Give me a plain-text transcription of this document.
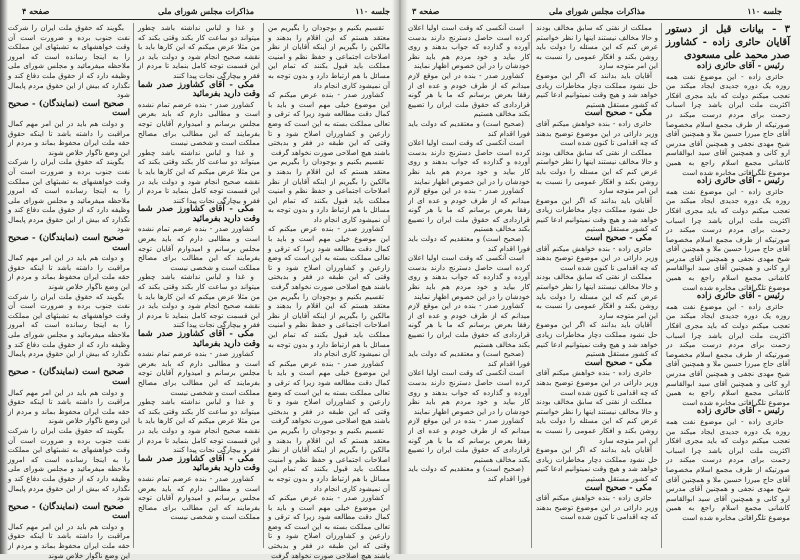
صفحه ۴	مذاکرات مجلس شورای ملی	جلسه ۱۱۰

تقسیم بکنیم و بوجودان را بگیریم من معتقد هستم که این اقلام را بدهند و مالکین را بگیریم از اینکه آقایان از نظر اصلاحات اجتماعی و حفظ نظم و امنیت مملکت باید قبول بکنند که تمام این مسائل با هم ارتباط دارد و بدون توجه به آن نمیشود کاری انجام داد

کشاورز صدر - بنده عرض میکنم که این موضوع خیلی مهم است و باید با کمال دقت مطالعه شود زیرا که ترقی و تعالی مملکت بسته به این است که وضع زارعین و کشاورزان اصلاح شود و تا وقتی که این طبقه در فقر و بدبختی باشند هیچ اصلاحی صورت نخواهد گرفت

تقسیم بکنیم و بوجودان را بگیریم من معتقد هستم که این اقلام را بدهند و مالکین را بگیریم از اینکه آقایان از نظر اصلاحات اجتماعی و حفظ نظم و امنیت مملکت باید قبول بکنند که تمام این مسائل با هم ارتباط دارد و بدون توجه به آن نمیشود کاری انجام داد

کشاورز صدر - بنده عرض میکنم که این موضوع خیلی مهم است و باید با کمال دقت مطالعه شود زیرا که ترقی و تعالی مملکت بسته به این است که وضع زارعین و کشاورزان اصلاح شود و تا وقتی که این طبقه در فقر و بدبختی باشند هیچ اصلاحی صورت نخواهد گرفت

تقسیم بکنیم و بوجودان را بگیریم من معتقد هستم که این اقلام را بدهند و مالکین را بگیریم از اینکه آقایان از نظر اصلاحات اجتماعی و حفظ نظم و امنیت مملکت باید قبول بکنند که تمام این مسائل با هم ارتباط دارد و بدون توجه به آن نمیشود کاری انجام داد

کشاورز صدر - بنده عرض میکنم که این موضوع خیلی مهم است و باید با کمال دقت مطالعه شود زیرا که ترقی و تعالی مملکت بسته به این است که وضع زارعین و کشاورزان اصلاح شود و تا وقتی که این طبقه در فقر و بدبختی باشند هیچ اصلاحی صورت نخواهد گرفت

تقسیم بکنیم و بوجودان را بگیریم من معتقد هستم که این اقلام را بدهند و مالکین را بگیریم از اینکه آقایان از نظر اصلاحات اجتماعی و حفظ نظم و امنیت مملکت باید قبول بکنند که تمام این مسائل با هم ارتباط دارد و بدون توجه به آن نمیشود کاری انجام داد

کشاورز صدر - بنده عرض میکنم که این موضوع خیلی مهم است و باید با کمال دقت مطالعه شود زیرا که ترقی و تعالی مملکت بسته به این است که وضع زارعین و کشاورزان اصلاح شود و تا وقتی که این طبقه در فقر و بدبختی باشند هیچ اصلاحی صورت نخواهد گرفت

و غذا و لباس نداشته باشد چطور میتواند دو ساعت کار بکند وقتی بکند که من مثلا عرض میکنم که این کارها باید با نقشه صحیح انجام شود و دولت باید در این قسمت توجه کامل بنماید تا مردم از فقر و بیچارگی نجات پیدا کنند

مکی - آقای کشاورز صدر شما وقت دارید بفرمائید

کشاورز صدر - بنده عرضم تمام نشده است و مطالبی دارم که باید بعرض مجلس برسانم و امیدوارم آقایان توجه بفرمایند که این مطالب برای مصالح مملکت است و شخصی نیست

و غذا و لباس نداشته باشد چطور میتواند دو ساعت کار بکند وقتی بکند که من مثلا عرض میکنم که این کارها باید با نقشه صحیح انجام شود و دولت باید در این قسمت توجه کامل بنماید تا مردم از فقر و بیچارگی نجات پیدا کنند

مکی - آقای کشاورز صدر شما وقت دارید بفرمائید

کشاورز صدر - بنده عرضم تمام نشده است و مطالبی دارم که باید بعرض مجلس برسانم و امیدوارم آقایان توجه بفرمایند که این مطالب برای مصالح مملکت است و شخصی نیست

و غذا و لباس نداشته باشد چطور میتواند دو ساعت کار بکند وقتی بکند که من مثلا عرض میکنم که این کارها باید با نقشه صحیح انجام شود و دولت باید در این قسمت توجه کامل بنماید تا مردم از فقر و بیچارگی نجات پیدا کنند

مکی - آقای کشاورز صدر شما وقت دارید بفرمائید

کشاورز صدر - بنده عرضم تمام نشده است و مطالبی دارم که باید بعرض مجلس برسانم و امیدوارم آقایان توجه بفرمایند که این مطالب برای مصالح مملکت است و شخصی نیست

و غذا و لباس نداشته باشد چطور میتواند دو ساعت کار بکند وقتی بکند که من مثلا عرض میکنم که این کارها باید با نقشه صحیح انجام شود و دولت باید در این قسمت توجه کامل بنماید تا مردم از فقر و بیچارگی نجات پیدا کنند

مکی - آقای کشاورز صدر شما وقت دارید بفرمائید

کشاورز صدر - بنده عرضم تمام نشده است و مطالبی دارم که باید بعرض مجلس برسانم و امیدوارم آقایان توجه بفرمایند که این مطالب برای مصالح مملکت است و شخصی نیست

بگویند که حقوق ملت ایران را شرکت نفت جنوب برده و ضرورت است آن وقت خواهشهای به تشبثهای این مملکت را به اینجا رسانده است که امروز ملاحظه میفرمائید و مجلس شورای ملی وظیفه دارد که از حقوق ملت دفاع کند و نگذارد که بیش از این حقوق مردم پایمال شود

صحیح است (نمایندگان) - صحیح است

و دولت هم باید در این امر مهم کمال مراقبت را داشته باشد تا اینکه حقوق حقه ملت ایران محفوظ بماند و مردم از این وضع ناگوار خلاص شوند

بگویند که حقوق ملت ایران را شرکت نفت جنوب برده و ضرورت است آن وقت خواهشهای به تشبثهای این مملکت را به اینجا رسانده است که امروز ملاحظه میفرمائید و مجلس شورای ملی وظیفه دارد که از حقوق ملت دفاع کند و نگذارد که بیش از این حقوق مردم پایمال شود

صحیح است (نمایندگان) - صحیح است

و دولت هم باید در این امر مهم کمال مراقبت را داشته باشد تا اینکه حقوق حقه ملت ایران محفوظ بماند و مردم از این وضع ناگوار خلاص شوند

بگویند که حقوق ملت ایران را شرکت نفت جنوب برده و ضرورت است آن وقت خواهشهای به تشبثهای این مملکت را به اینجا رسانده است که امروز ملاحظه میفرمائید و مجلس شورای ملی وظیفه دارد که از حقوق ملت دفاع کند و نگذارد که بیش از این حقوق مردم پایمال شود

صحیح است (نمایندگان) - صحیح است

و دولت هم باید در این امر مهم کمال مراقبت را داشته باشد تا اینکه حقوق حقه ملت ایران محفوظ بماند و مردم از این وضع ناگوار خلاص شوند

بگویند که حقوق ملت ایران را شرکت نفت جنوب برده و ضرورت است آن وقت خواهشهای به تشبثهای این مملکت را به اینجا رسانده است که امروز ملاحظه میفرمائید و مجلس شورای ملی وظیفه دارد که از حقوق ملت دفاع کند و نگذارد که بیش از این حقوق مردم پایمال شود

صحیح است (نمایندگان) - صحیح است

و دولت هم باید در این امر مهم کمال مراقبت را داشته باشد تا اینکه حقوق حقه ملت ایران محفوظ بماند و مردم از این وضع ناگوار خلاص شوند

صفحه ۳	مذاکرات مجلس شورای ملی	جلسه ۱۱۰

۳ - بیانات قبل از دستور آقایان حائری زاده - کشاورز صدر محمد علی مسعودی

رئیس - آقای حائری زاده

حائری زاده - این موضوع نفت همه روزه یک دوره جدیدی ایجاد میکند من تعجب میکنم دولت که باید مجری افکار اکثریت ملت ایران باشد چرا اسباب زحمت برای مردم درست میکند در صورتیکه از طرف مجمع اسلام مخصوصا آقای حاج میرزا حسین ملا و همچنین آقای شیخ مهدی نجفی و همچنین آقای مدرس ارو کانی و همچنین آقای سید ابوالقاسم کاشانی مجمع اسلام راجع به همین موضوع تلگرافاتی مخابره شده است

رئیس - آقای حائری زاده

حائری زاده - این موضوع نفت همه روزه یک دوره جدیدی ایجاد میکند من تعجب میکنم دولت که باید مجری افکار اکثریت ملت ایران باشد چرا اسباب زحمت برای مردم درست میکند در صورتیکه از طرف مجمع اسلام مخصوصا آقای حاج میرزا حسین ملا و همچنین آقای شیخ مهدی نجفی و همچنین آقای مدرس ارو کانی و همچنین آقای سید ابوالقاسم کاشانی مجمع اسلام راجع به همین موضوع تلگرافاتی مخابره شده است

رئیس - آقای حائری زاده

حائری زاده - این موضوع نفت همه روزه یک دوره جدیدی ایجاد میکند من تعجب میکنم دولت که باید مجری افکار اکثریت ملت ایران باشد چرا اسباب زحمت برای مردم درست میکند در صورتیکه از طرف مجمع اسلام مخصوصا آقای حاج میرزا حسین ملا و همچنین آقای شیخ مهدی نجفی و همچنین آقای مدرس ارو کانی و همچنین آقای سید ابوالقاسم کاشانی مجمع اسلام راجع به همین موضوع تلگرافاتی مخابره شده است

رئیس - آقای حائری زاده

حائری زاده - این موضوع نفت همه روزه یک دوره جدیدی ایجاد میکند من تعجب میکنم دولت که باید مجری افکار اکثریت ملت ایران باشد چرا اسباب زحمت برای مردم درست میکند در صورتیکه از طرف مجمع اسلام مخصوصا آقای حاج میرزا حسین ملا و همچنین آقای شیخ مهدی نجفی و همچنین آقای مدرس ارو کانی و همچنین آقای سید ابوالقاسم کاشانی مجمع اسلام راجع به همین موضوع تلگرافاتی مخابره شده است

مملکت از نفتی که سابق مخالف بودند و حالا مخالف نیستند اینها را نظر خواستم عرض کنم که این مسئله را دولت باید روشن بکند و افکار عمومی را نسبت به این امر متوجه سازد

آقایان باید بدانند که اگر این موضوع حل نشود مملکت دچار مخاطرات زیادی خواهد شد و هیچ وقت نمیتوانیم ادعا کنیم که کشور مستقل هستیم

مکی - صحیح است

حائری زاده - بنده خواهش میکنم آقای وزیر دارائی در این موضوع توضیح بدهند که چه اقدامی تا کنون شده است

مملکت از نفتی که سابق مخالف بودند و حالا مخالف نیستند اینها را نظر خواستم عرض کنم که این مسئله را دولت باید روشن بکند و افکار عمومی را نسبت به این امر متوجه سازد

آقایان باید بدانند که اگر این موضوع حل نشود مملکت دچار مخاطرات زیادی خواهد شد و هیچ وقت نمیتوانیم ادعا کنیم که کشور مستقل هستیم

مکی - صحیح است

حائری زاده - بنده خواهش میکنم آقای وزیر دارائی در این موضوع توضیح بدهند که چه اقدامی تا کنون شده است

مملکت از نفتی که سابق مخالف بودند و حالا مخالف نیستند اینها را نظر خواستم عرض کنم که این مسئله را دولت باید روشن بکند و افکار عمومی را نسبت به این امر متوجه سازد

آقایان باید بدانند که اگر این موضوع حل نشود مملکت دچار مخاطرات زیادی خواهد شد و هیچ وقت نمیتوانیم ادعا کنیم که کشور مستقل هستیم

مکی - صحیح است

حائری زاده - بنده خواهش میکنم آقای وزیر دارائی در این موضوع توضیح بدهند که چه اقدامی تا کنون شده است

مملکت از نفتی که سابق مخالف بودند و حالا مخالف نیستند اینها را نظر خواستم عرض کنم که این مسئله را دولت باید روشن بکند و افکار عمومی را نسبت به این امر متوجه سازد

آقایان باید بدانند که اگر این موضوع حل نشود مملکت دچار مخاطرات زیادی خواهد شد و هیچ وقت نمیتوانیم ادعا کنیم که کشور مستقل هستیم

مکی - صحیح است

حائری زاده - بنده خواهش میکنم آقای وزیر دارائی در این موضوع توضیح بدهند که چه اقدامی تا کنون شده است

است آنکسی که وقت است اولیا اعلان کرده است حاصل دسترنج دارند بدست آورده و گذارده که جواب بدهند و روی کار بیاید و خود مردم هم باید نظر خودشان را در این خصوص اظهار نمایند

کشاورز صدر - بنده در این موقع لازم میدانم که از طرف خودم و عده ای از رفقا بعرض برسانم که ما با هر گونه قراردادی که حقوق ملت ایران را تضییع بکند مخالف هستیم

(صحیح است) و معتقدیم که دولت باید فورا اقدام کند

است آنکسی که وقت است اولیا اعلان کرده است حاصل دسترنج دارند بدست آورده و گذارده که جواب بدهند و روی کار بیاید و خود مردم هم باید نظر خودشان را در این خصوص اظهار نمایند

کشاورز صدر - بنده در این موقع لازم میدانم که از طرف خودم و عده ای از رفقا بعرض برسانم که ما با هر گونه قراردادی که حقوق ملت ایران را تضییع بکند مخالف هستیم

(صحیح است) و معتقدیم که دولت باید فورا اقدام کند

است آنکسی که وقت است اولیا اعلان کرده است حاصل دسترنج دارند بدست آورده و گذارده که جواب بدهند و روی کار بیاید و خود مردم هم باید نظر خودشان را در این خصوص اظهار نمایند

کشاورز صدر - بنده در این موقع لازم میدانم که از طرف خودم و عده ای از رفقا بعرض برسانم که ما با هر گونه قراردادی که حقوق ملت ایران را تضییع بکند مخالف هستیم

(صحیح است) و معتقدیم که دولت باید فورا اقدام کند

است آنکسی که وقت است اولیا اعلان کرده است حاصل دسترنج دارند بدست آورده و گذارده که جواب بدهند و روی کار بیاید و خود مردم هم باید نظر خودشان را در این خصوص اظهار نمایند

کشاورز صدر - بنده در این موقع لازم میدانم که از طرف خودم و عده ای از رفقا بعرض برسانم که ما با هر گونه قراردادی که حقوق ملت ایران را تضییع بکند مخالف هستیم

(صحیح است) و معتقدیم که دولت باید فورا اقدام کند
